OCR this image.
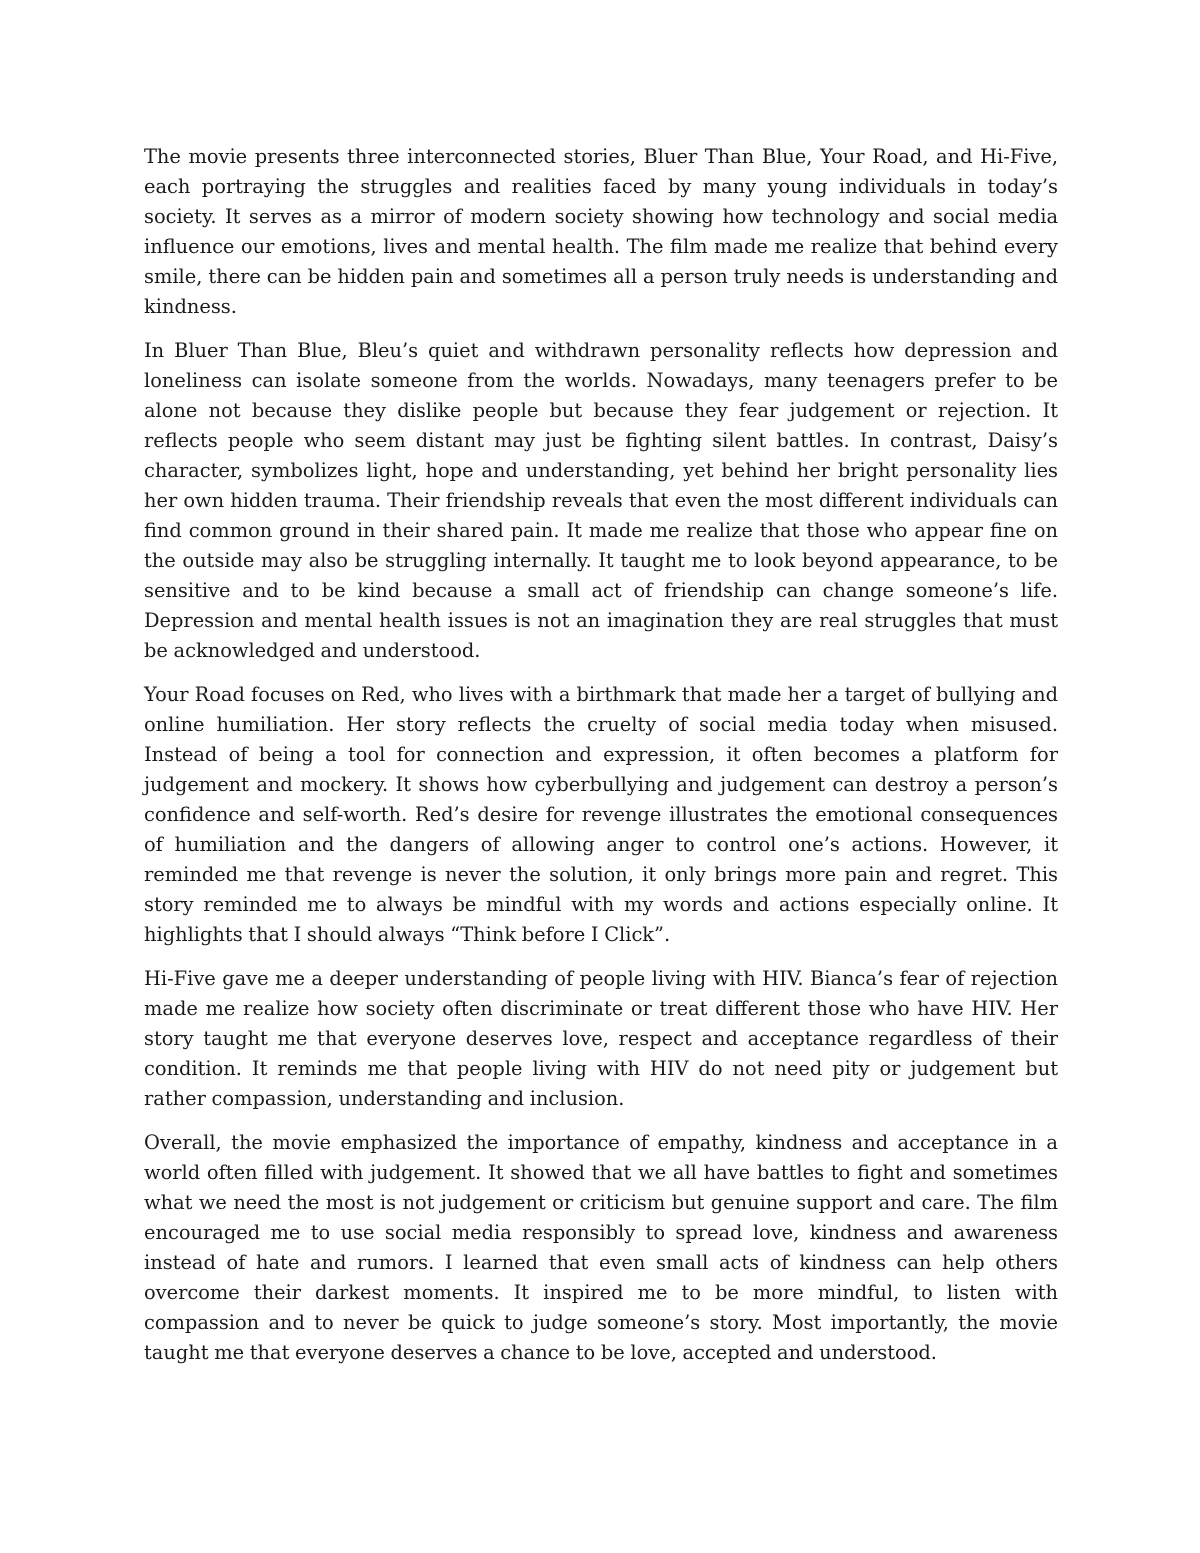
The movie presents three interconnected stories, Bluer Than Blue, Your Road, and Hi-Five, each portraying the struggles and realities faced by many young individuals in today’s society. It serves as a mirror of modern society showing how technology and social media influence our emotions, lives and mental health. The film made me realize that behind every smile, there can be hidden pain and sometimes all a person truly needs is understanding and kindness.

In Bluer Than Blue, Bleu’s quiet and withdrawn personality reflects how depression and loneliness can isolate someone from the worlds. Nowadays, many teenagers prefer to be alone not because they dislike people but because they fear judgement or rejection. It reflects people who seem distant may just be fighting silent battles. In contrast, Daisy’s character, symbolizes light, hope and understanding, yet behind her bright personality lies her own hidden trauma. Their friendship reveals that even the most different individuals can find common ground in their shared pain. It made me realize that those who appear fine on the outside may also be struggling internally. It taught me to look beyond appearance, to be sensitive and to be kind because a small act of friendship can change someone’s life. Depression and mental health issues is not an imagination they are real struggles that must be acknowledged and understood.

Your Road focuses on Red, who lives with a birthmark that made her a target of bullying and online humiliation. Her story reflects the cruelty of social media today when misused. Instead of being a tool for connection and expression, it often becomes a platform for judgement and mockery. It shows how cyberbullying and judgement can destroy a person’s confidence and self-worth. Red’s desire for revenge illustrates the emotional consequences of humiliation and the dangers of allowing anger to control one’s actions. However, it reminded me that revenge is never the solution, it only brings more pain and regret. This story reminded me to always be mindful with my words and actions especially online. It highlights that I should always “Think before I Click”.

Hi-Five gave me a deeper understanding of people living with HIV. Bianca’s fear of rejection made me realize how society often discriminate or treat different those who have HIV. Her story taught me that everyone deserves love, respect and acceptance regardless of their condition. It reminds me that people living with HIV do not need pity or judgement but rather compassion, understanding and inclusion.

Overall, the movie emphasized the importance of empathy, kindness and acceptance in a world often filled with judgement. It showed that we all have battles to fight and sometimes what we need the most is not judgement or criticism but genuine support and care. The film encouraged me to use social media responsibly to spread love, kindness and awareness instead of hate and rumors. I learned that even small acts of kindness can help others overcome their darkest moments. It inspired me to be more mindful, to listen with compassion and to never be quick to judge someone’s story. Most importantly, the movie taught me that everyone deserves a chance to be love, accepted and understood.
